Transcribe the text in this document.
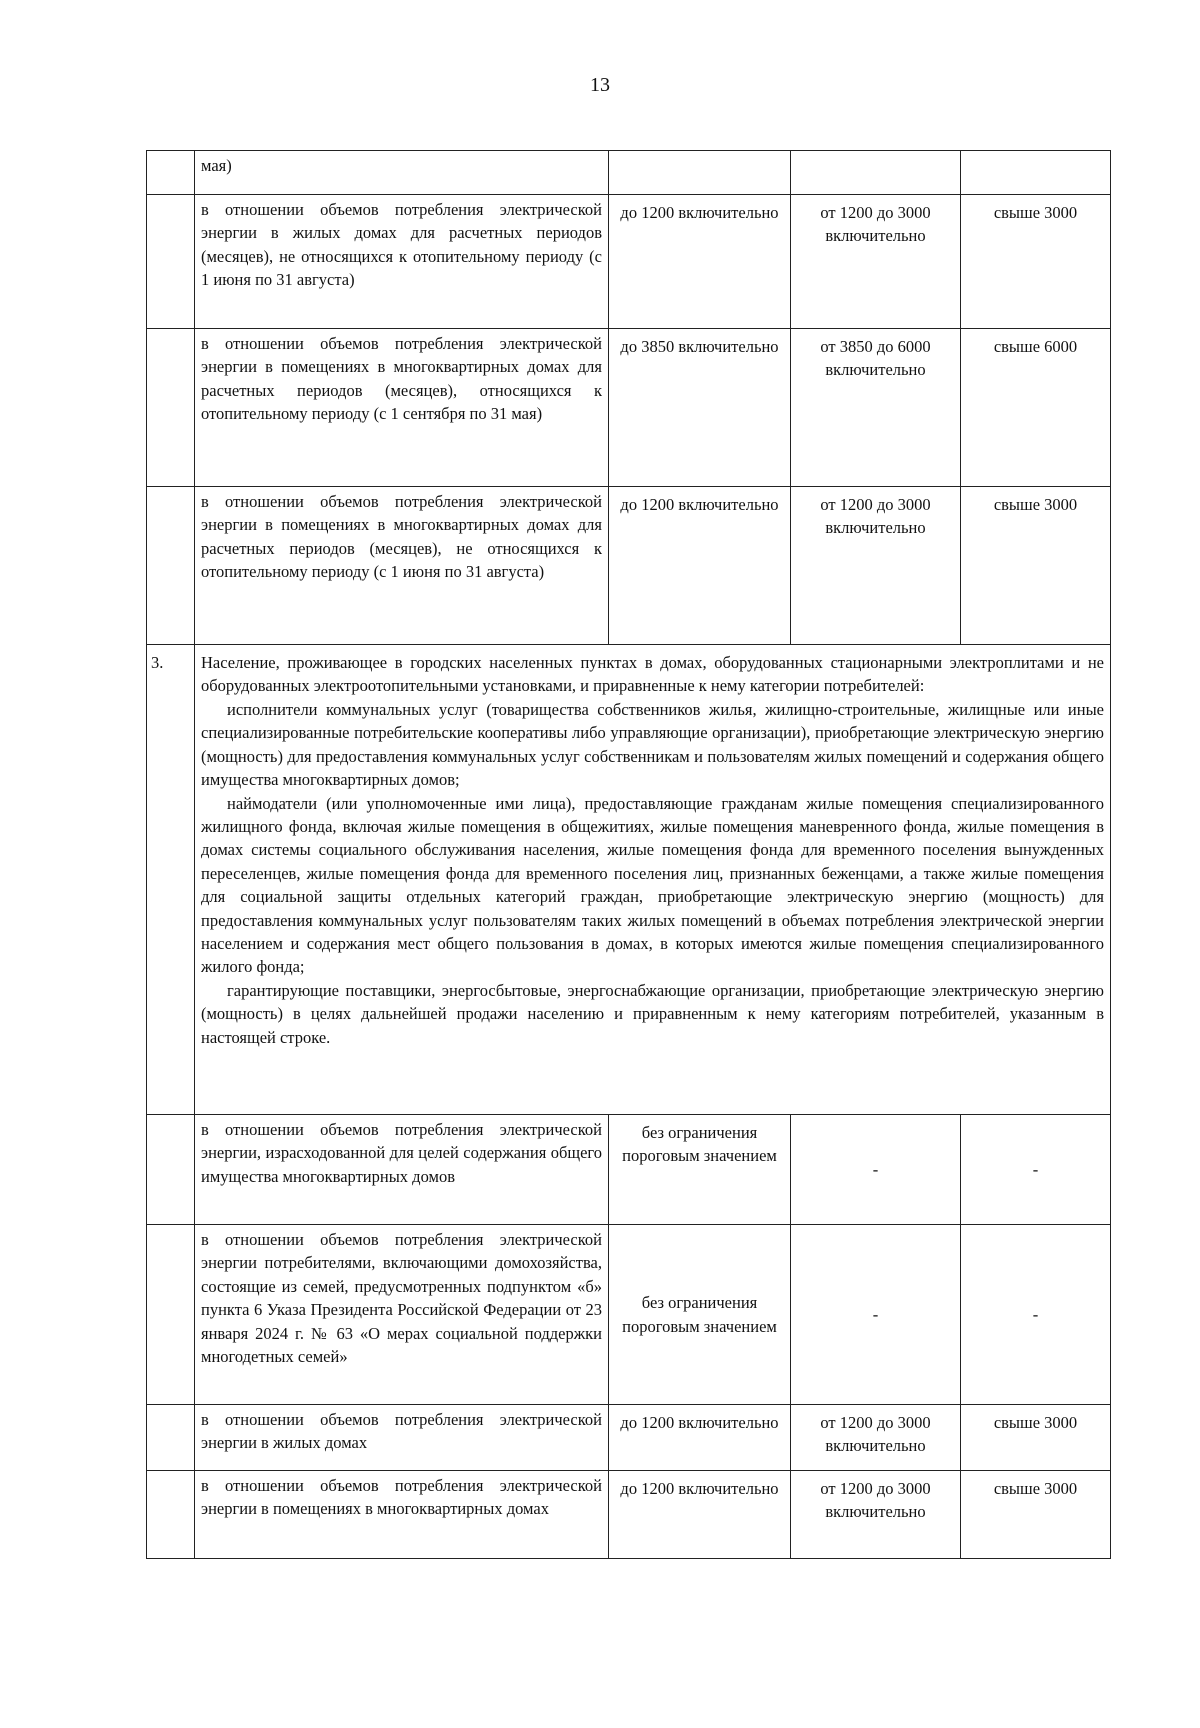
13
	мая)			
	в отношении объемов потребления электрической энергии в жилых домах для расчетных периодов (месяцев), не относящихся к отопительному периоду (с 1 июня по 31 августа)	до 1200 включительно	от 1200 до 3000 включительно	свыше 3000
	в отношении объемов потребления электрической энергии в помещениях в многоквартирных домах для расчетных периодов (месяцев), относящихся к отопительному периоду (с 1 сентября по 31 мая)	до 3850 включительно	от 3850 до 6000 включительно	свыше 6000
	в отношении объемов потребления электрической энергии в помещениях в многоквартирных домах для расчетных периодов (месяцев), не относящихся к отопительному периоду (с 1 июня по 31 августа)	до 1200 включительно	от 1200 до 3000 включительно	свыше 3000
3.	Население, проживающее в городских населенных пунктах в домах, оборудованных стационарными электроплитами и не оборудованных электроотопительными установками, и приравненные к нему категории потребителей:
исполнители коммунальных услуг (товарищества собственников жилья, жилищно-строительные, жилищные или иные специализированные потребительские кооперативы либо управляющие организации), приобретающие электрическую энергию (мощность) для предоставления коммунальных услуг собственникам и пользователям жилых помещений и содержания общего имущества многоквартирных домов;
наймодатели (или уполномоченные ими лица), предоставляющие гражданам жилые помещения специализированного жилищного фонда, включая жилые помещения в общежитиях, жилые помещения маневренного фонда, жилые помещения в домах системы социального обслуживания населения, жилые помещения фонда для временного поселения вынужденных переселенцев, жилые помещения фонда для временного поселения лиц, признанных беженцами, а также жилые помещения для социальной защиты отдельных категорий граждан, приобретающие электрическую энергию (мощность) для предоставления коммунальных услуг пользователям таких жилых помещений в объемах потребления электрической энергии населением и содержания мест общего пользования в домах, в которых имеются жилые помещения специализированного жилого фонда;
гарантирующие поставщики, энергосбытовые, энергоснабжающие организации, приобретающие электрическую энергию (мощность) в целях дальнейшей продажи населению и приравненным к нему категориям потребителей, указанным в настоящей строке.			

	в отношении объемов потребления электрической энергии, израсходованной для целей содержания общего имущества многоквартирных домов	без ограничения пороговым значением	-	-
	в отношении объемов потребления электрической энергии потребителями, включающими домохозяйства, состоящие из семей, предусмотренных подпунктом «б» пункта 6 Указа Президента Российской Федерации от 23 января 2024 г. № 63 «О мерах социальной поддержки многодетных семей»	без ограничения пороговым значением	-	-
	в отношении объемов потребления электрической энергии в жилых домах	до 1200 включительно	от 1200 до 3000 включительно	свыше 3000
	в отношении объемов потребления электрической энергии в помещениях в многоквартирных домах	до 1200 включительно	от 1200 до 3000 включительно	свыше 3000
